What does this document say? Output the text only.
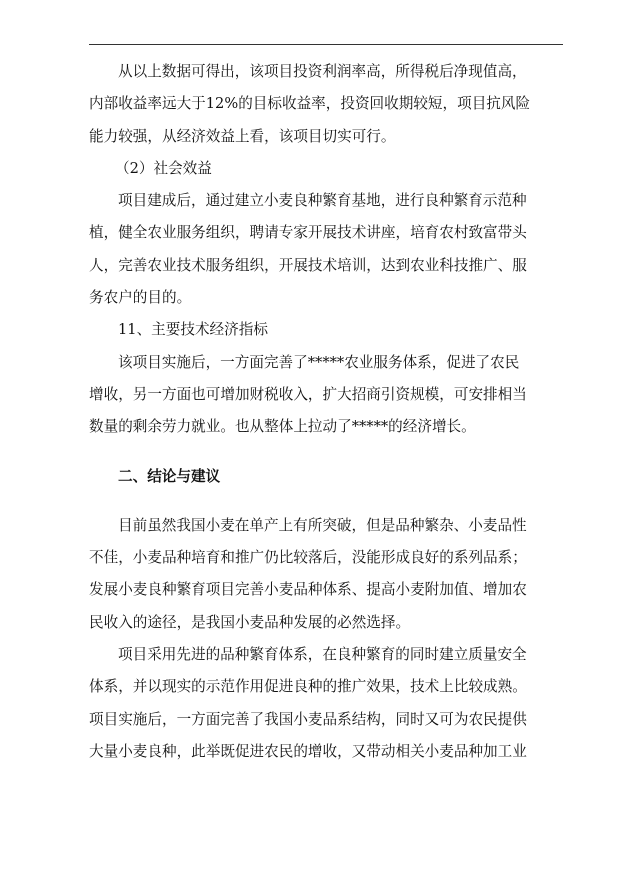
从以上数据可得出，该项目投资利润率高，所得税后净现值高，
内部收益率远大于12%的目标收益率，投资回收期较短，项目抗风险
能力较强，从经济效益上看，该项目切实可行。
（2）社会效益
项目建成后，通过建立小麦良种繁育基地，进行良种繁育示范种
植，健全农业服务组织，聘请专家开展技术讲座，培育农村致富带头
人，完善农业技术服务组织，开展技术培训，达到农业科技推广、服
务农户的目的。
11、主要技术经济指标
该项目实施后，一方面完善了*****农业服务体系，促进了农民
增收，另一方面也可增加财税收入，扩大招商引资规模，可安排相当
数量的剩余劳力就业。也从整体上拉动了*****的经济增长。
二、结论与建议
目前虽然我国小麦在单产上有所突破，但是品种繁杂、小麦品性
不佳，小麦品种培育和推广仍比较落后，没能形成良好的系列品系；
发展小麦良种繁育项目完善小麦品种体系、提高小麦附加值、增加农
民收入的途径，是我国小麦品种发展的必然选择。
项目采用先进的品种繁育体系，在良种繁育的同时建立质量安全
体系，并以现实的示范作用促进良种的推广效果，技术上比较成熟。
项目实施后，一方面完善了我国小麦品系结构，同时又可为农民提供
大量小麦良种，此举既促进农民的增收，又带动相关小麦品种加工业
